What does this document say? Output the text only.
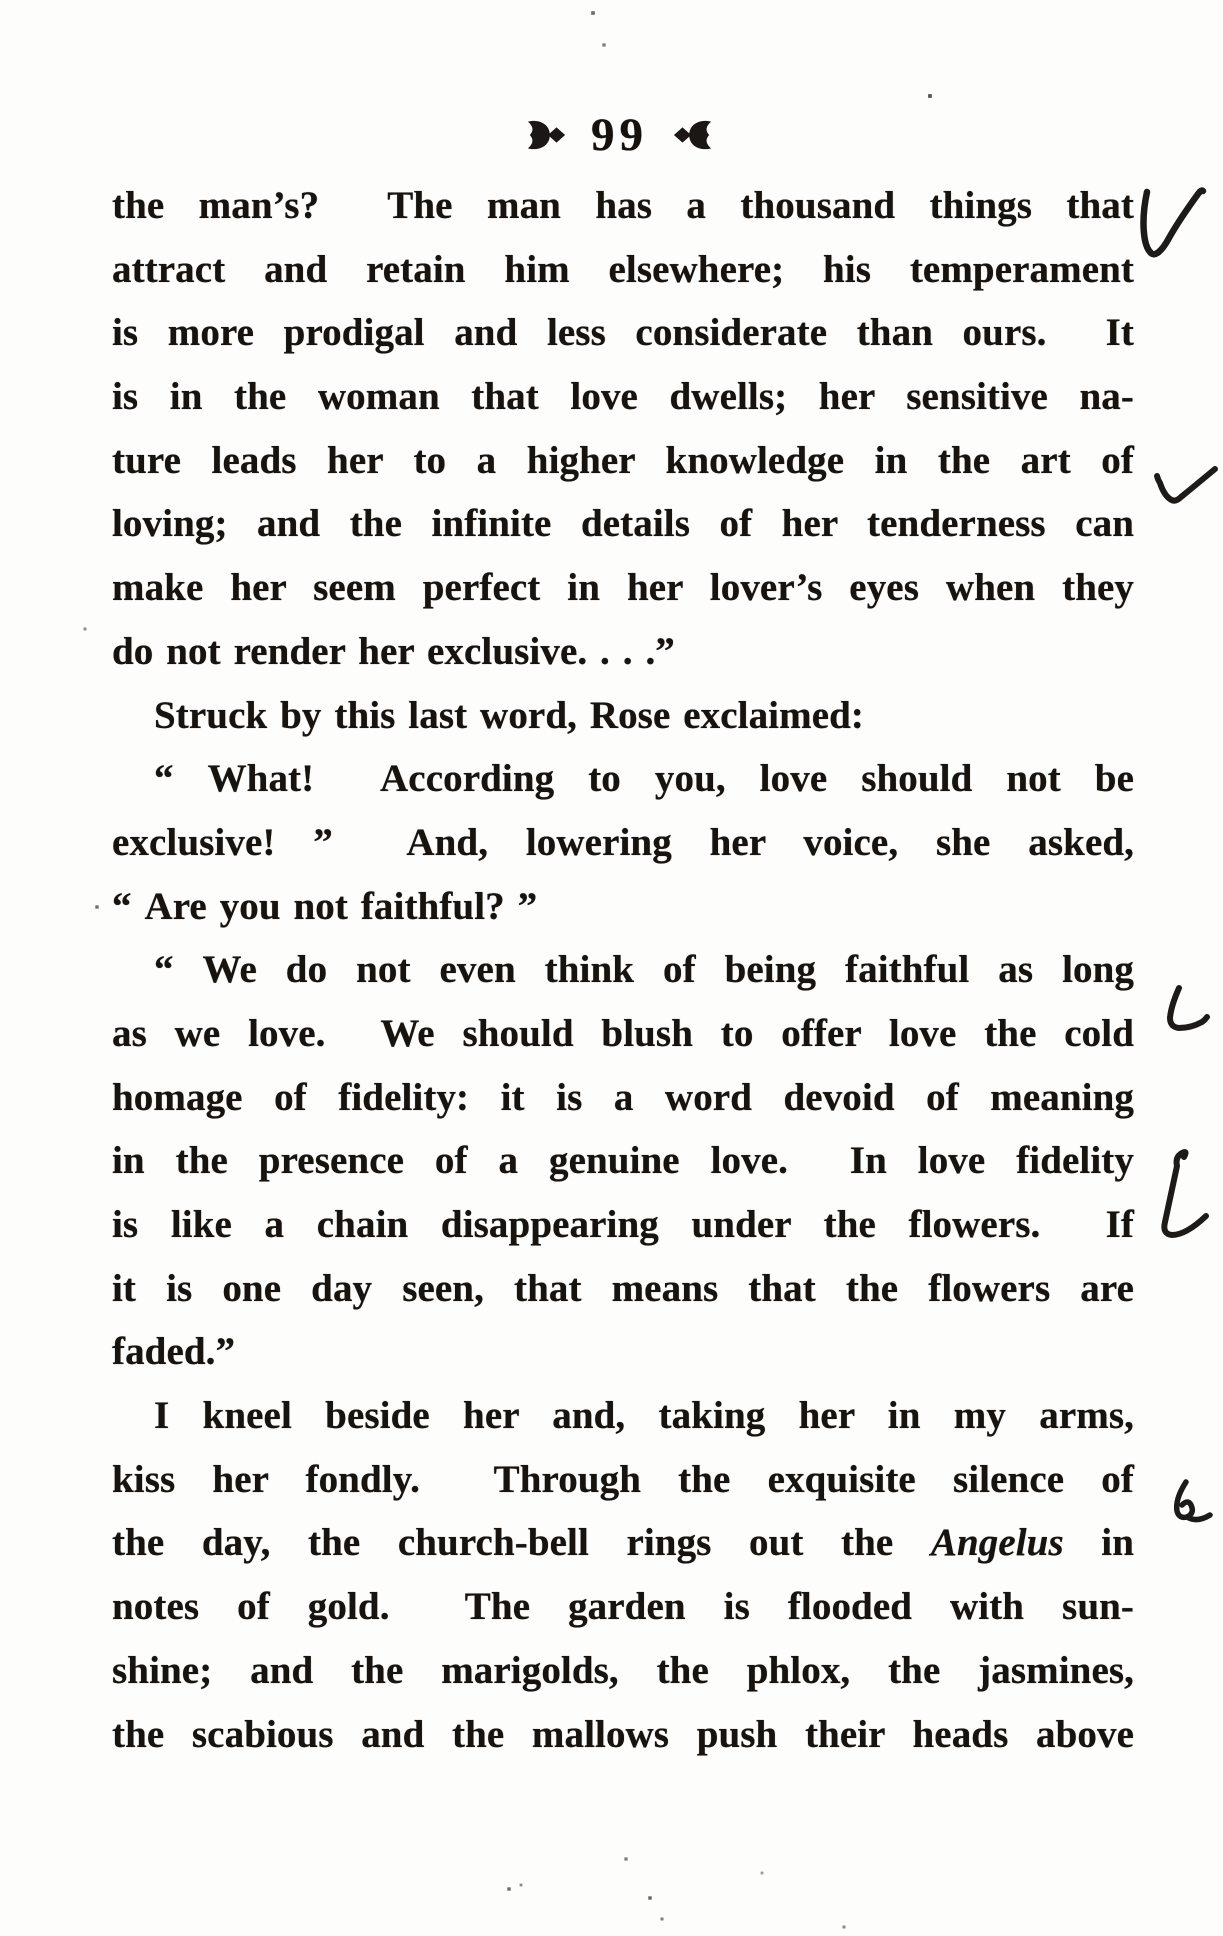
99
the man’s?  The man has a thousand things that
attract and retain him elsewhere; his temperament
is more prodigal and less considerate than ours.  It
is in the woman that love dwells; her sensitive na-
ture leads her to a higher knowledge in the art of
loving; and the infinite details of her tenderness can
make her seem perfect in her lover’s eyes when they
do not render her exclusive. . . .”
Struck by this last word, Rose exclaimed:
“ What!  According to you, love should not be
exclusive! ”  And, lowering her voice, she asked,
“ Are you not faithful? ”
“ We do not even think of being faithful as long
as we love.  We should blush to offer love the cold
homage of fidelity: it is a word devoid of meaning
in the presence of a genuine love.  In love fidelity
is like a chain disappearing under the flowers.  If
it is one day seen, that means that the flowers are
faded.”
I kneel beside her and, taking her in my arms,
kiss her fondly.  Through the exquisite silence of
the day, the church-bell rings out the Angelus in
notes of gold.  The garden is flooded with sun-
shine; and the marigolds, the phlox, the jasmines,
the scabious and the mallows push their heads above
